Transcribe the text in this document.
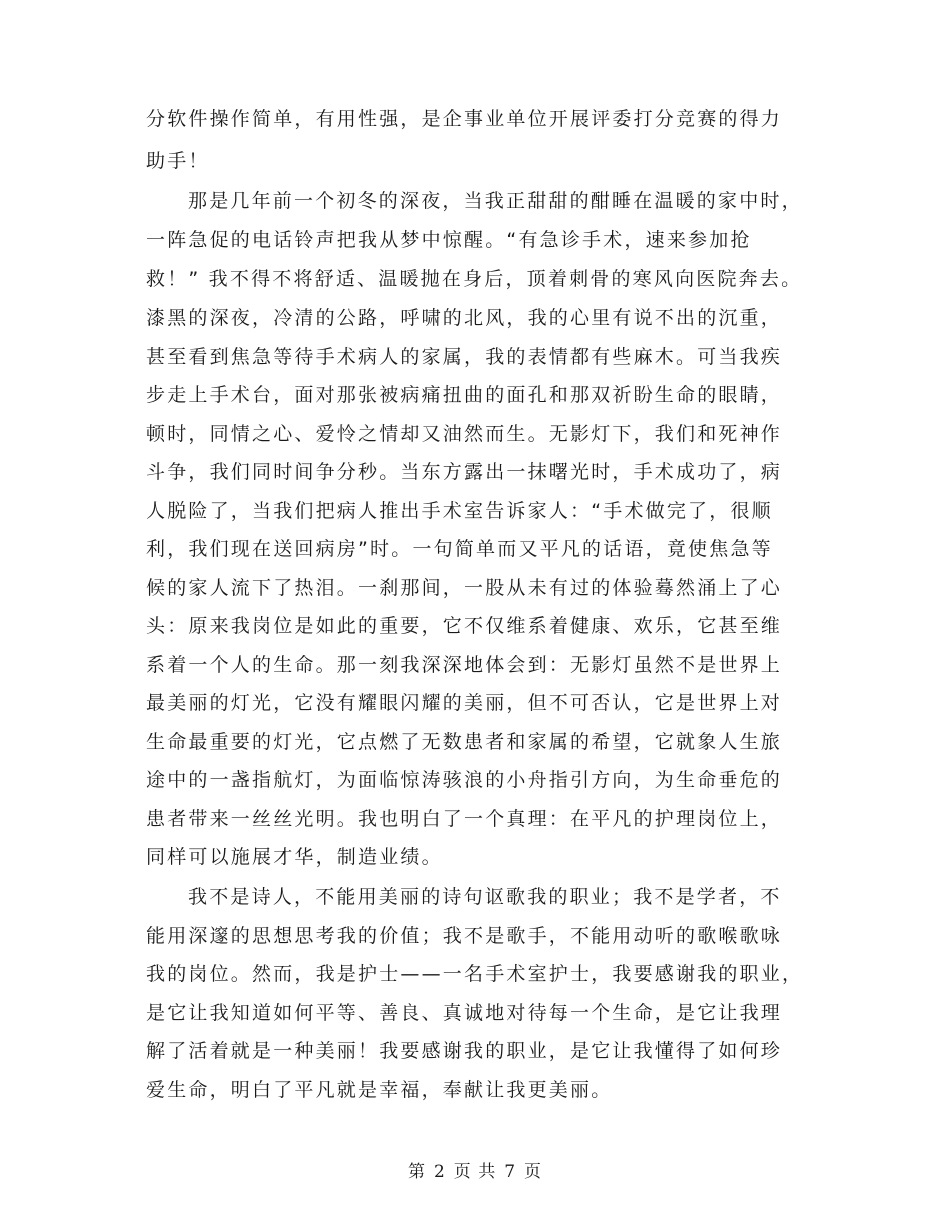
分软件操作简单，有用性强，是企事业单位开展评委打分竞赛的得力
助手！
那是几年前一个初冬的深夜，当我正甜甜的酣睡在温暖的家中时，
一阵急促的电话铃声把我从梦中惊醒。“有急诊手术，速来参加抢
救！” 我不得不将舒适、温暖抛在身后，顶着刺骨的寒风向医院奔去。
漆黑的深夜，冷清的公路，呼啸的北风，我的心里有说不出的沉重，
甚至看到焦急等待手术病人的家属，我的表情都有些麻木。可当我疾
步走上手术台，面对那张被病痛扭曲的面孔和那双祈盼生命的眼睛，
顿时，同情之心、爱怜之情却又油然而生。无影灯下，我们和死神作
斗争，我们同时间争分秒。当东方露出一抹曙光时，手术成功了，病
人脱险了，当我们把病人推出手术室告诉家人：“手术做完了，很顺
利，我们现在送回病房”时。一句简单而又平凡的话语，竟使焦急等
候的家人流下了热泪。一刹那间，一股从未有过的体验蓦然涌上了心
头：原来我岗位是如此的重要，它不仅维系着健康、欢乐，它甚至维
系着一个人的生命。那一刻我深深地体会到：无影灯虽然不是世界上
最美丽的灯光，它没有耀眼闪耀的美丽，但不可否认，它是世界上对
生命最重要的灯光，它点燃了无数患者和家属的希望，它就象人生旅
途中的一盏指航灯，为面临惊涛骇浪的小舟指引方向，为生命垂危的
患者带来一丝丝光明。我也明白了一个真理：在平凡的护理岗位上，
同样可以施展才华，制造业绩。
我不是诗人，不能用美丽的诗句讴歌我的职业；我不是学者，不
能用深邃的思想思考我的价值；我不是歌手，不能用动听的歌喉歌咏
我的岗位。然而，我是护士——一名手术室护士，我要感谢我的职业，
是它让我知道如何平等、善良、真诚地对待每一个生命，是它让我理
解了活着就是一种美丽！我要感谢我的职业，是它让我懂得了如何珍
爱生命，明白了平凡就是幸福，奉献让我更美丽。
第 2 页 共 7 页
